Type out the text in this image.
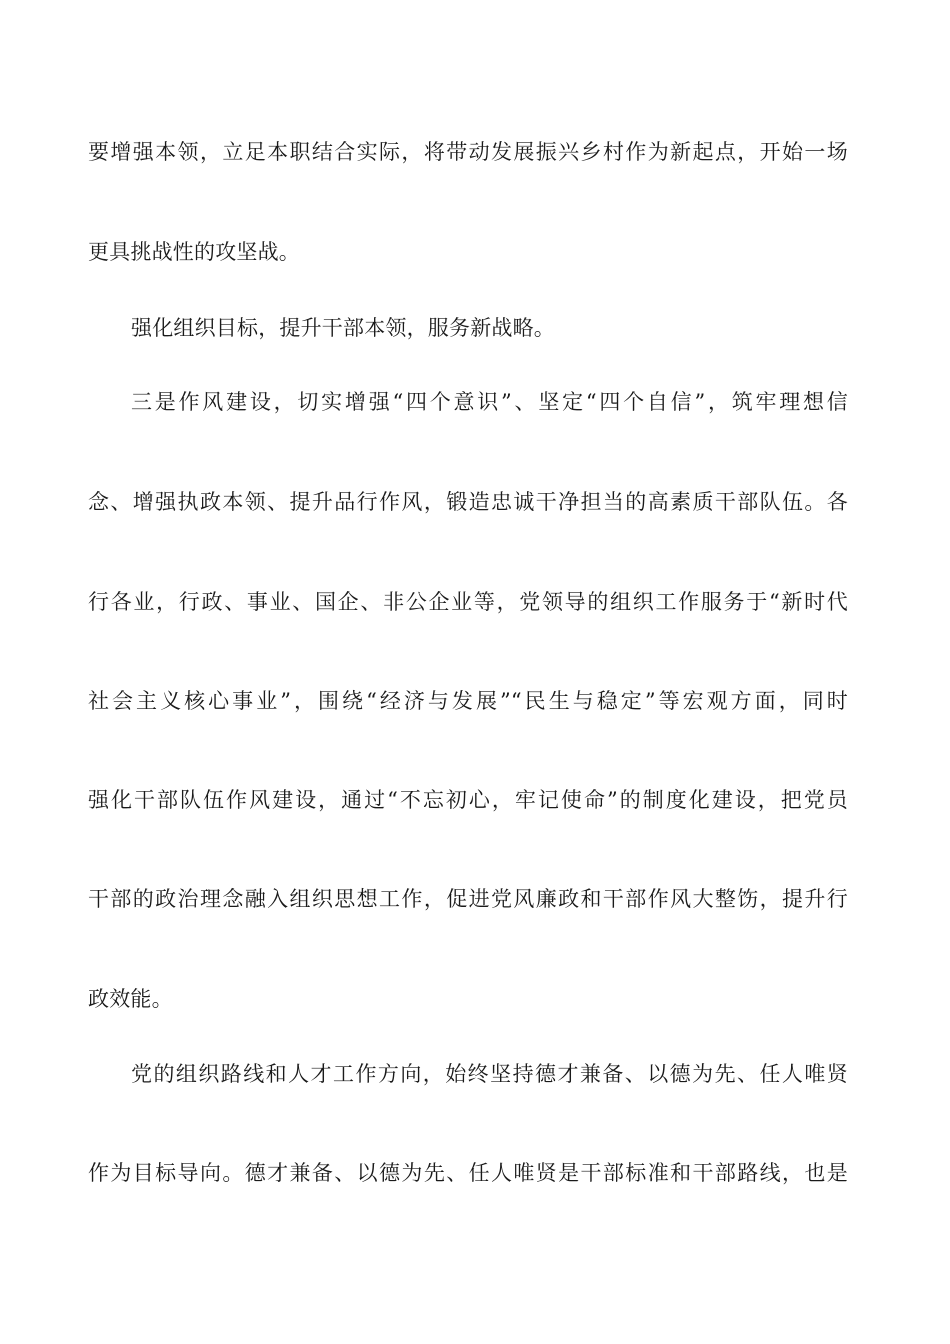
要增强本领，立足本职结合实际，将带动发展振兴乡村作为新起点，开始一场
更具挑战性的攻坚战。
强化组织目标，提升干部本领，服务新战略。
三是作风建设，切实增强“四个意识”、坚定“四个自信”，筑牢理想信
念、增强执政本领、提升品行作风，锻造忠诚干净担当的高素质干部队伍。各
行各业，行政、事业、国企、非公企业等，党领导的组织工作服务于“新时代
社会主义核心事业”，围绕“经济与发展”“民生与稳定”等宏观方面，同时
强化干部队伍作风建设，通过“不忘初心，牢记使命”的制度化建设，把党员
干部的政治理念融入组织思想工作，促进党风廉政和干部作风大整饬，提升行
政效能。
党的组织路线和人才工作方向，始终坚持德才兼备、以德为先、任人唯贤
作为目标导向。德才兼备、以德为先、任人唯贤是干部标准和干部路线，也是
